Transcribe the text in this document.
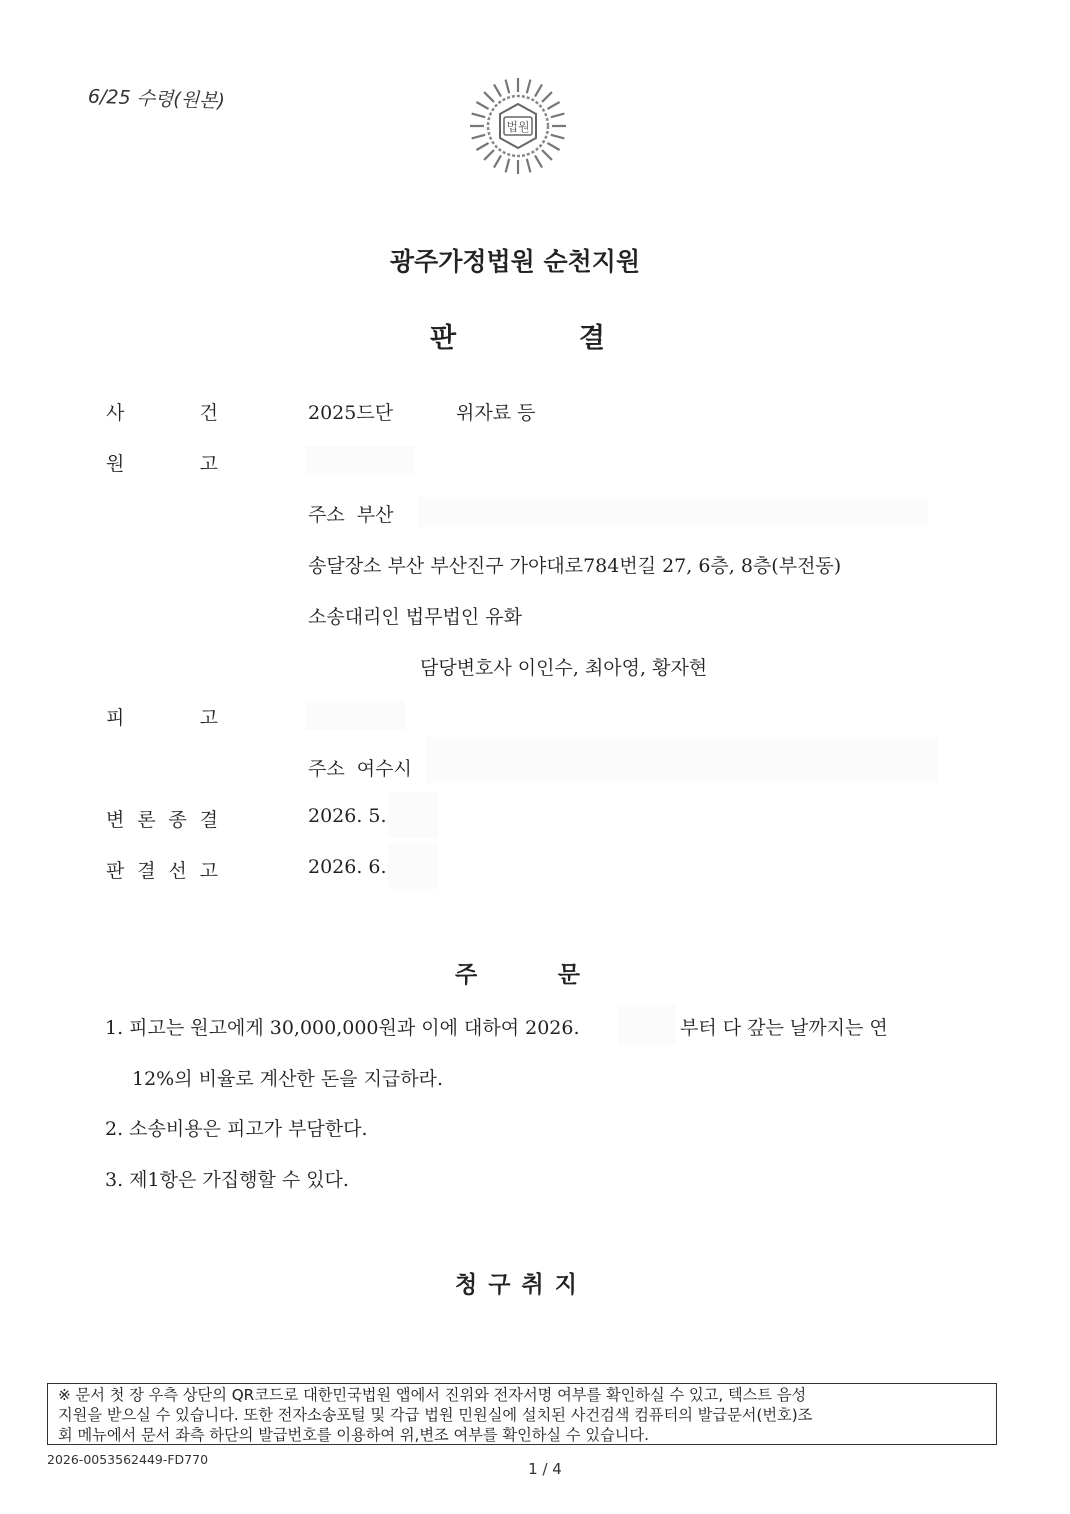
6/25 수령(원본)
법원
광주가정법원 순천지원
판	결
사	건	2025드단	위자료 등
원	고
주소  부산
송달장소 부산 부산진구 가야대로784번길 27, 6층, 8층(부전동)
소송대리인 법무법인 유화
담당변호사 이인수, 최아영, 황자현
피	고
주소  여수시
변 론 종 결	2026. 5.
판 결 선 고	2026. 6.
주	문
1. 피고는 원고에게 30,000,000원과 이에 대하여 2026.	부터 다 갚는 날까지는 연
12%의 비율로 계산한 돈을 지급하라.
2. 소송비용은 피고가 부담한다.
3. 제1항은 가집행할 수 있다.
청 구 취 지
※ 문서 첫 장 우측 상단의 QR코드로 대한민국법원 앱에서 진위와 전자서명 여부를 확인하실 수 있고, 텍스트 음성
지원을 받으실 수 있습니다. 또한 전자소송포털 및 각급 법원 민원실에 설치된 사건검색 컴퓨터의 발급문서(번호)조
회 메뉴에서 문서 좌측 하단의 발급번호를 이용하여 위,변조 여부를 확인하실 수 있습니다.
2026-0053562449-FD770
1 / 4
